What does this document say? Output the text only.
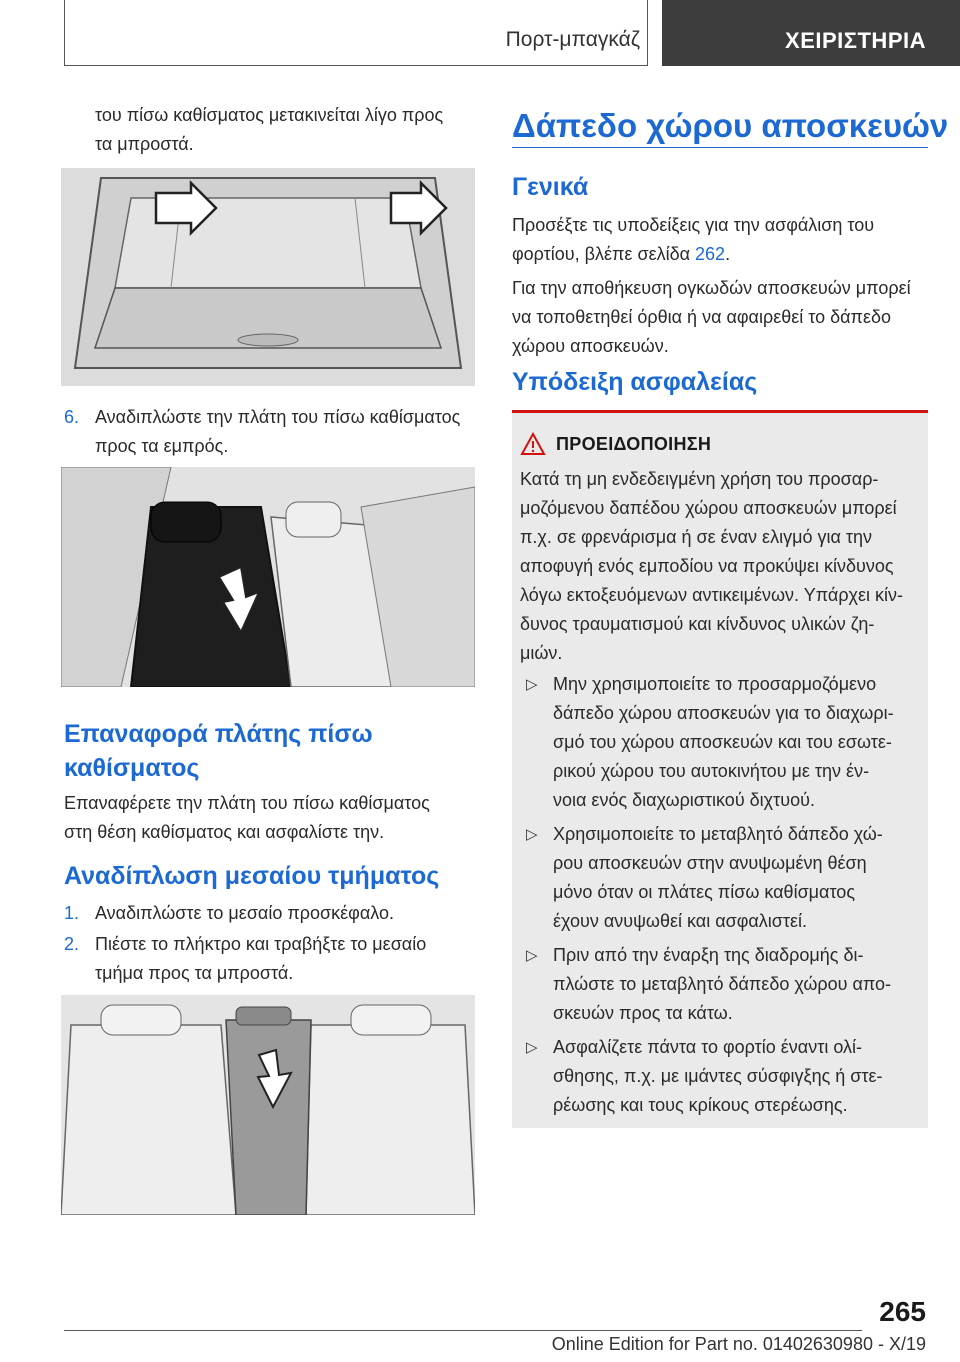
Πορτ-μπαγκάζ	ΧΕΙΡΙΣΤΗΡΙΑ
του πίσω καθίσματος μετακινείται λίγο προς
τα μπροστά.
6. Αναδιπλώστε την πλάτη του πίσω καθίσματος
προς τα εμπρός.
Επαναφορά πλάτης πίσω
καθίσματος
Επαναφέρετε την πλάτη του πίσω καθίσματος
στη θέση καθίσματος και ασφαλίστε την.
Αναδίπλωση μεσαίου τμήματος
1. Αναδιπλώστε το μεσαίο προσκέφαλο.
2. Πιέστε το πλήκτρο και τραβήξτε το μεσαίο
τμήμα προς τα μπροστά.
Δάπεδο χώρου αποσκευών
Γενικά
Προσέξτε τις υποδείξεις για την ασφάλιση του
φορτίου, βλέπε σελίδα 262.
Για την αποθήκευση ογκωδών αποσκευών μπορεί
να τοποθετηθεί όρθια ή να αφαιρεθεί το δάπεδο
χώρου αποσκευών.
Υπόδειξη ασφαλείας
ΠΡΟΕΙΔΟΠΟΙΗΣΗ
Κατά τη μη ενδεδειγμένη χρήση του προσαρ-
μοζόμενου δαπέδου χώρου αποσκευών μπορεί
π.χ. σε φρενάρισμα ή σε έναν ελιγμό για την
αποφυγή ενός εμποδίου να προκύψει κίνδυνος
λόγω εκτοξευόμενων αντικειμένων. Υπάρχει κίν-
δυνος τραυματισμού και κίνδυνος υλικών ζη-
μιών.
▷ Μην χρησιμοποιείτε το προσαρμοζόμενο
δάπεδο χώρου αποσκευών για το διαχωρι-
σμό του χώρου αποσκευών και του εσωτε-
ρικού χώρου του αυτοκινήτου με την έν-
νοια ενός διαχωριστικού διχτυού.
▷ Χρησιμοποιείτε το μεταβλητό δάπεδο χώ-
ρου αποσκευών στην ανυψωμένη θέση
μόνο όταν οι πλάτες πίσω καθίσματος
έχουν ανυψωθεί και ασφαλιστεί.
▷ Πριν από την έναρξη της διαδρομής δι-
πλώστε το μεταβλητό δάπεδο χώρου απο-
σκευών προς τα κάτω.
▷ Ασφαλίζετε πάντα το φορτίο έναντι ολί-
σθησης, π.χ. με ιμάντες σύσφιγξης ή στε-
ρέωσης και τους κρίκους στερέωσης.
265
Online Edition for Part no. 01402630980 - X/19
